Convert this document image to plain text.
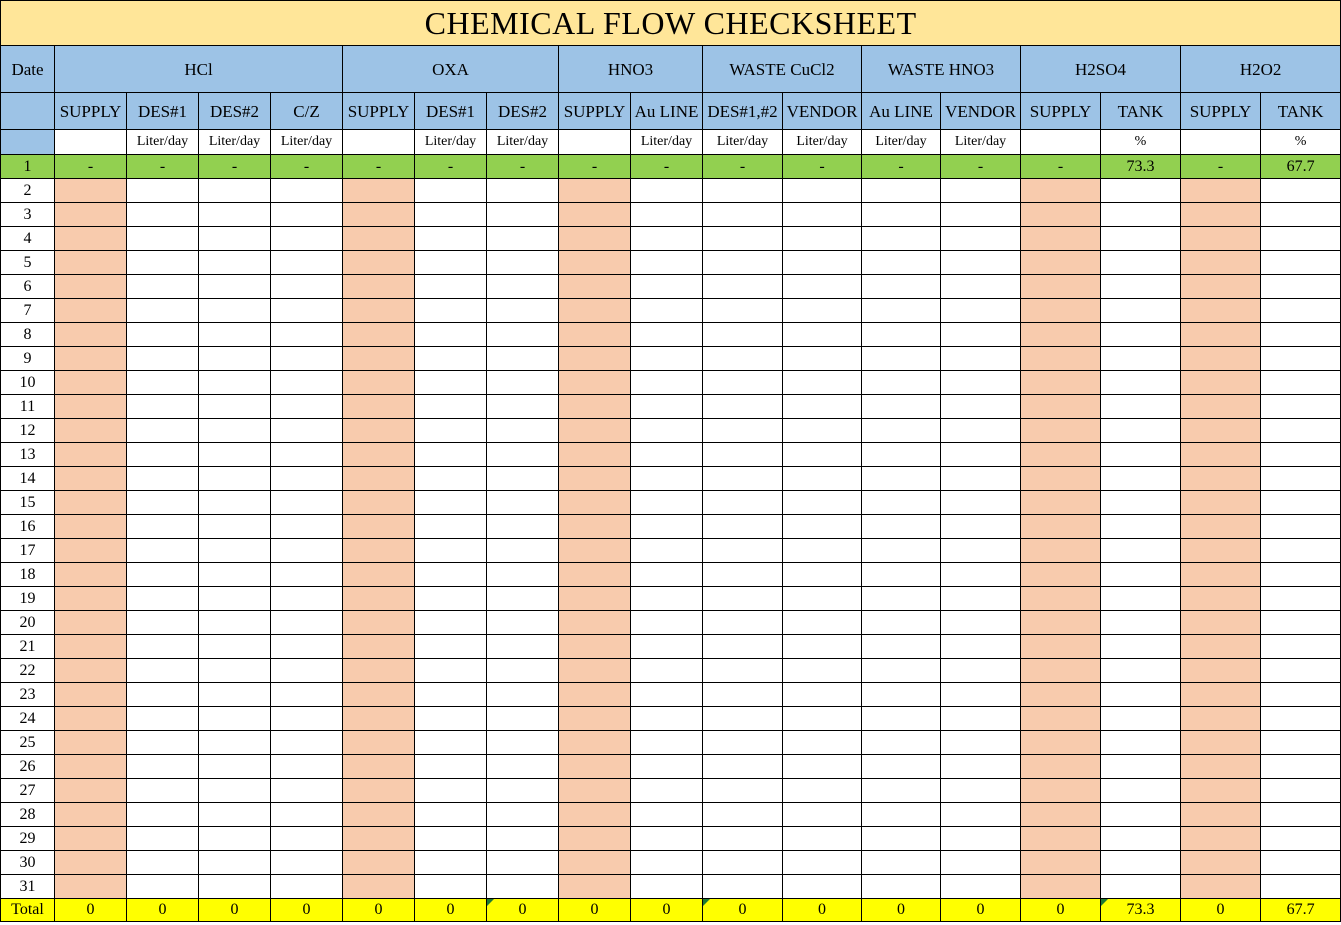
CHEMICAL FLOW CHECKSHEET																	
Date	HCl				OXA			HNO3		WASTE CuCl2		WASTE HNO3		H2SO4		H2O2	
	SUPPLY	DES#1	DES#2	C/Z	SUPPLY	DES#1	DES#2	SUPPLY	Au LINE	DES#1,#2	VENDOR	Au LINE	VENDOR	SUPPLY	TANK	SUPPLY	TANK
		Liter/day	Liter/day	Liter/day		Liter/day	Liter/day		Liter/day	Liter/day	Liter/day	Liter/day	Liter/day		%		%
1	-	-	-	-	-	-	-	-	-	-	-	-	-	-	73.3	-	67.7
2																	
3																	
4																	
5																	
6																	
7																	
8																	
9																	
10																	
11																	
12																	
13																	
14																	
15																	
16																	
17																	
18																	
19																	
20																	
21																	
22																	
23																	
24																	
25																	
26																	
27																	
28																	
29																	
30																	
31																	
Total	0	0	0	0	0	0	0	0	0	0	0	0	0	0	73.3	0	67.7
